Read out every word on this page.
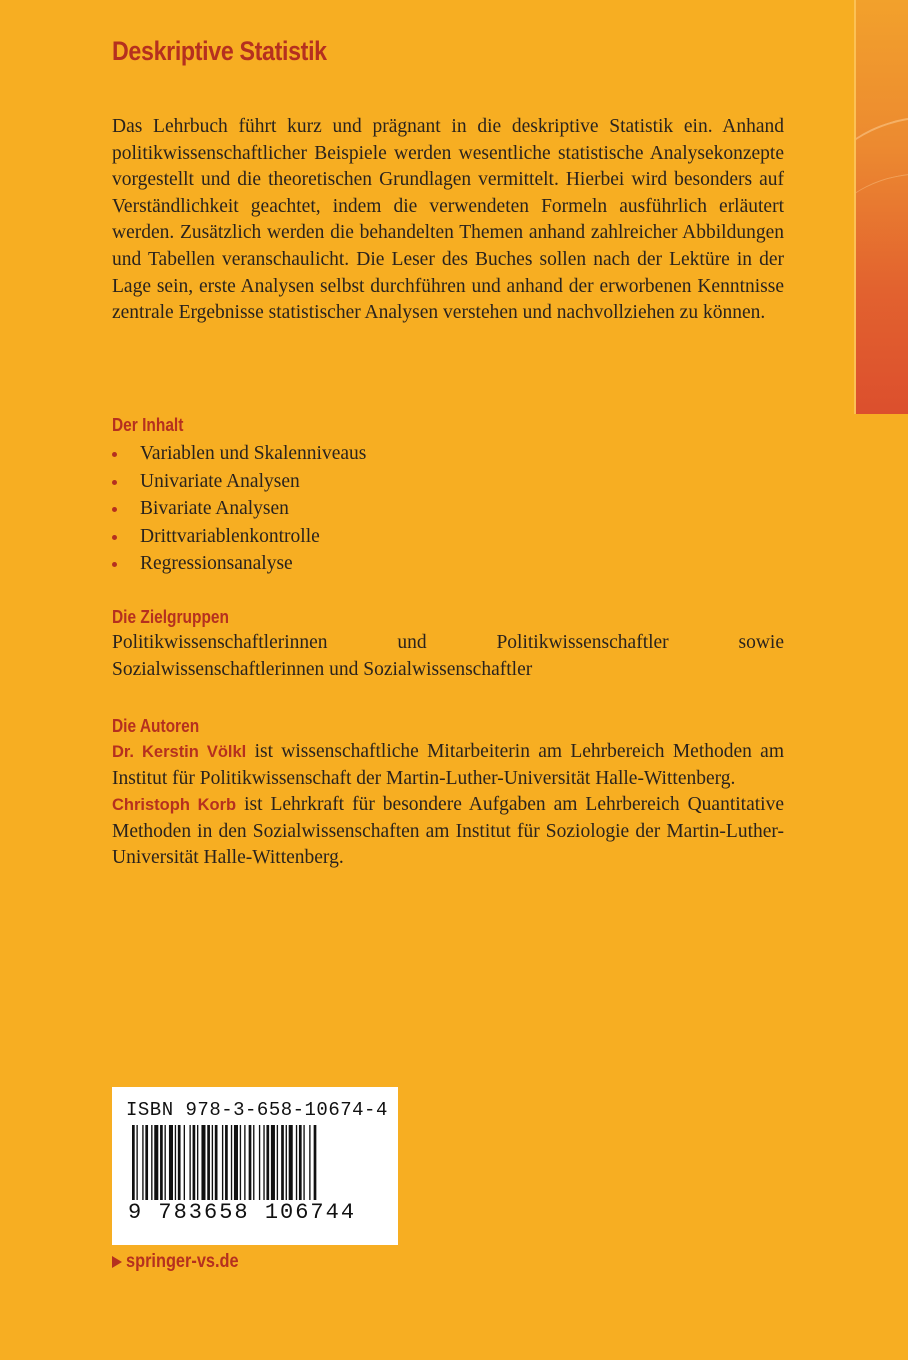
Deskriptive Statistik

Das Lehrbuch führt kurz und prägnant in die deskriptive Statistik ein. Anhand politikwissenschaftlicher Beispiele werden wesentliche statistische Analysekonzepte vorgestellt und die theoretischen Grundlagen vermittelt. Hierbei wird besonders auf Verständlichkeit geachtet, indem die verwendeten Formeln ausführlich erläutert werden. Zusätzlich werden die behandelten Themen anhand zahlreicher Abbildungen und Tabellen veranschaulicht. Die Leser des Buches sollen nach der Lektüre in der Lage sein, erste Analysen selbst durchführen und anhand der erworbenen Kenntnisse zentrale Ergebnisse statistischer Analysen verstehen und nachvollziehen zu können.

Der Inhalt
Variablen und Skalenniveaus
Univariate Analysen
Bivariate Analysen
Drittvariablenkontrolle
Regressionsanalyse
Die Zielgruppen

Politikwissenschaftlerinnen und Politikwissenschaftler sowie Sozialwissenschaftlerinnen und Sozialwissenschaftler

Die Autoren

Dr. Kerstin Völkl ist wissenschaftliche Mitarbeiterin am Lehrbereich Methoden am Institut für Politikwissenschaft der Martin-Luther-Universität Halle-Wittenberg.

Christoph Korb ist Lehrkraft für besondere Aufgaben am Lehrbereich Quantitative Methoden in den Sozialwissenschaften am Institut für Soziologie der Martin-Luther-Universität Halle-Wittenberg.

ISBN 978-3-658-10674-4
9 783658 106744
springer-vs.de
